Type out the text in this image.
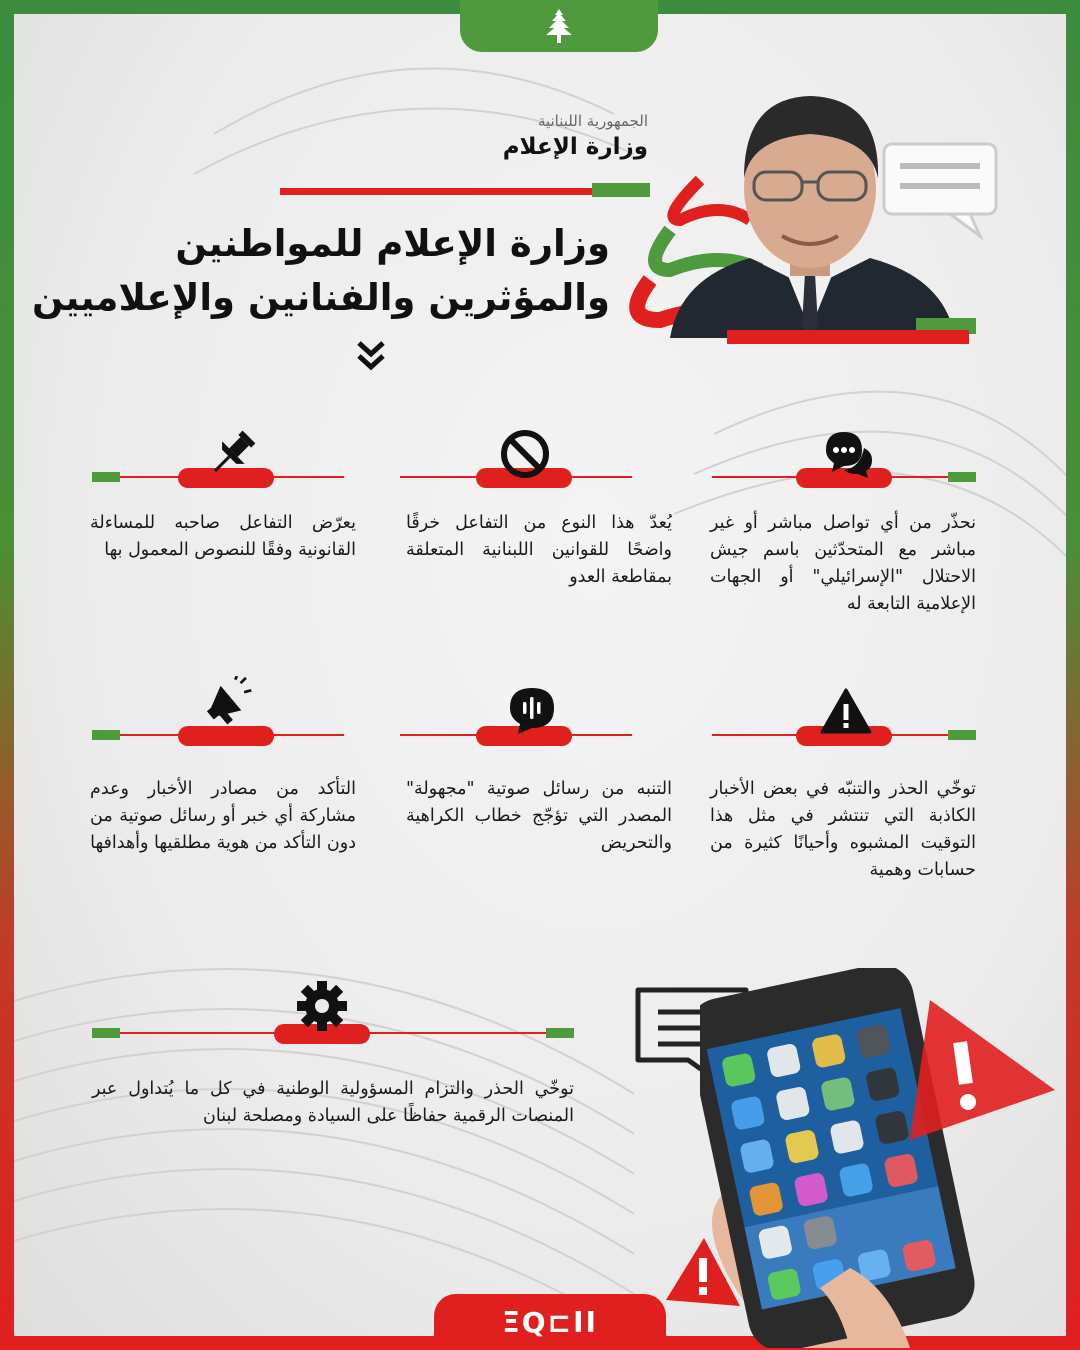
الجمهورية اللبنانية
وزارة الإعلام
وزارة الإعلام للمواطنين
والمؤثرين والفنانين والإعلاميين
نحذّر من أي تواصل مباشر أو غير مباشر مع المتحدّثين باسم جيش الاحتلال "الإسرائيلي" أو الجهات الإعلامية التابعة له
يُعدّ هذا النوع من التفاعل خرقًا واضحًا للقوانين اللبنانية المتعلقة بمقاطعة العدو
يعرّض التفاعل صاحبه للمساءلة القانونية وفقًا للنصوص المعمول بها
توخّي الحذر والتنبّه في بعض الأخبار الكاذبة التي تنتشر في مثل هذا التوقيت المشبوه وأحيانًا كثيرة من حسابات وهمية
التنبه من رسائل صوتية "مجهولة" المصدر التي تؤجّج خطاب الكراهية والتحريض
التأكد من مصادر الأخبار وعدم مشاركة أي خبر أو رسائل صوتية من دون التأكد من هوية مطلقيها وأهدافها
توخّي الحذر والتزام المسؤولية الوطنية في كل ما يُتداول عبر المنصات الرقمية حفاظًا على السيادة ومصلحة لبنان
ΞQ⊏ΙΙ
